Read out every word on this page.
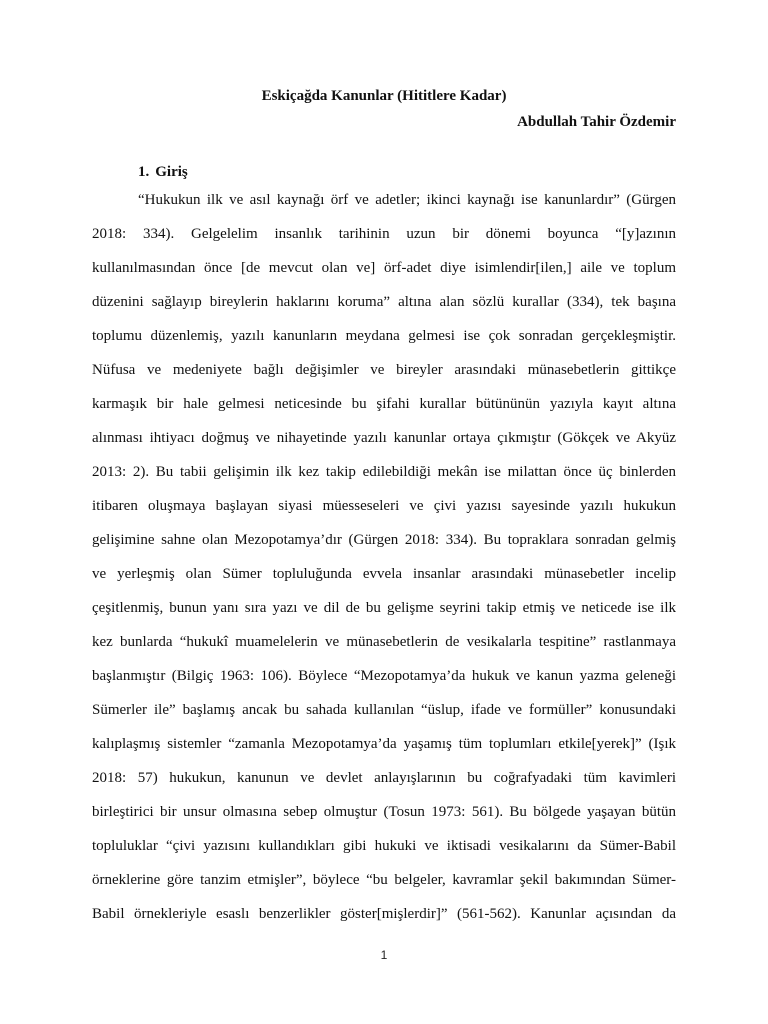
Eskiçağda Kanunlar (Hititlere Kadar)

Abdullah Tahir Özdemir

1. Giriş
“Hukukun ilk ve asıl kaynağı örf ve adetler; ikinci kaynağı ise kanunlardır” (Gürgen
2018: 334). Gelgelelim insanlık tarihinin uzun bir dönemi boyunca “[y]azının
kullanılmasından önce [de mevcut olan ve] örf-adet diye isimlendir[ilen,] aile ve toplum
düzenini sağlayıp bireylerin haklarını koruma” altına alan sözlü kurallar (334), tek başına
toplumu düzenlemiş, yazılı kanunların meydana gelmesi ise çok sonradan gerçekleşmiştir.
Nüfusa ve medeniyete bağlı değişimler ve bireyler arasındaki münasebetlerin gittikçe
karmaşık bir hale gelmesi neticesinde bu şifahi kurallar bütününün yazıyla kayıt altına
alınması ihtiyacı doğmuş ve nihayetinde yazılı kanunlar ortaya çıkmıştır (Gökçek ve Akyüz
2013: 2). Bu tabii gelişimin ilk kez takip edilebildiği mekân ise milattan önce üç binlerden
itibaren oluşmaya başlayan siyasi müesseseleri ve çivi yazısı sayesinde yazılı hukukun
gelişimine sahne olan Mezopotamya’dır (Gürgen 2018: 334). Bu topraklara sonradan gelmiş
ve yerleşmiş olan Sümer topluluğunda evvela insanlar arasındaki münasebetler incelip
çeşitlenmiş, bunun yanı sıra yazı ve dil de bu gelişme seyrini takip etmiş ve neticede ise ilk
kez bunlarda “hukukî muamelelerin ve münasebetlerin de vesikalarla tespitine” rastlanmaya
başlanmıştır (Bilgiç 1963: 106). Böylece “Mezopotamya’da hukuk ve kanun yazma geleneği
Sümerler ile” başlamış ancak bu sahada kullanılan “üslup, ifade ve formüller” konusundaki
kalıplaşmış sistemler “zamanla Mezopotamya’da yaşamış tüm toplumları etkile[yerek]” (Işık
2018: 57) hukukun, kanunun ve devlet anlayışlarının bu coğrafyadaki tüm kavimleri
birleştirici bir unsur olmasına sebep olmuştur (Tosun 1973: 561). Bu bölgede yaşayan bütün
topluluklar “çivi yazısını kullandıkları gibi hukuki ve iktisadi vesikalarını da Sümer-Babil
örneklerine göre tanzim etmişler”, böylece “bu belgeler, kavramlar şekil bakımından Sümer-
Babil örnekleriyle esaslı benzerlikler göster[mişlerdir]” (561-562). Kanunlar açısından da
1
